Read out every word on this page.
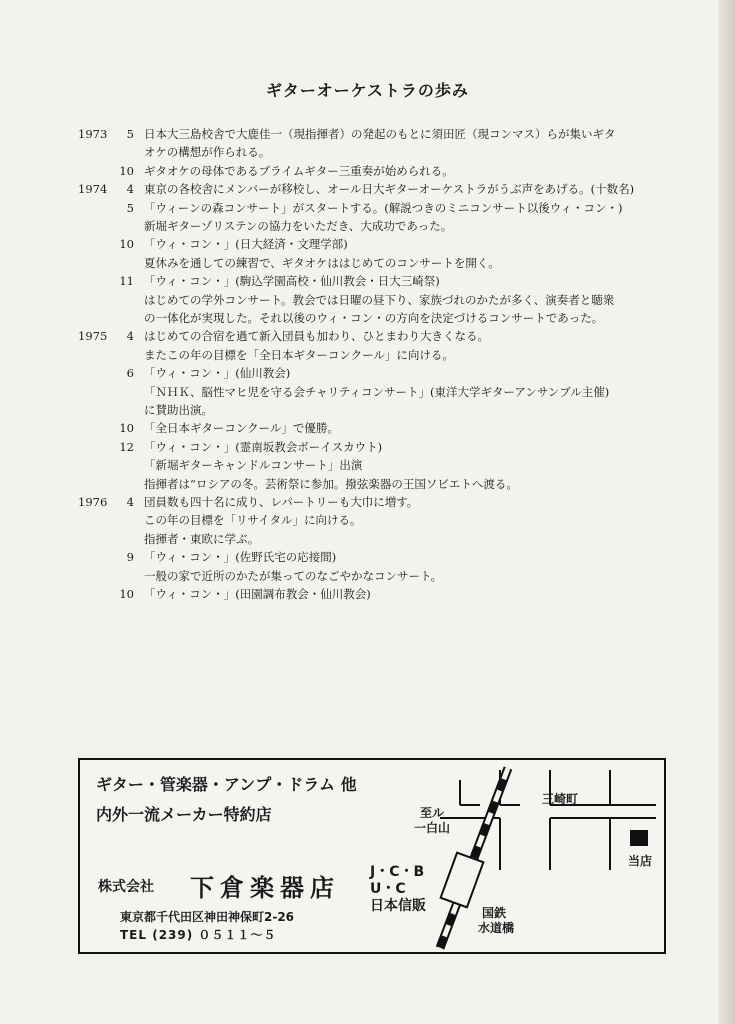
ギターオーケストラの歩み
1973	5 日本大三島校舎で大鹿佳一（現指揮者）の発起のもとに須田匠（現コンマス）らが集いギタ
オケの構想が作られる。
10 ギタオケの母体であるプライムギター三重奏が始められる。
1974	4 東京の各校舎にメンバーが移校し、オール日大ギターオーケストラがうぶ声をあげる。(十数名)
5 「ウィーンの森コンサート」がスタートする。(解説つきのミニコンサート以後ウィ・コン・)
新堀ギターゾリステンの協力をいただき、大成功であった。
10 「ウィ・コン・」(日大経済・文理学部)
夏休みを通しての練習で、ギタオケははじめてのコンサートを開く。
11 「ウィ・コン・」(駒込学園高校・仙川教会・日大三崎祭)
はじめての学外コンサート。教会では日曜の昼下り、家族づれのかたが多く、演奏者と聴衆
の一体化が実現した。それ以後のウィ・コン・の方向を決定づけるコンサートであった。
1975	4 はじめての合宿を過て新入団員も加わり、ひとまわり大きくなる。
またこの年の目標を「全日本ギターコンクール」に向ける。
6 「ウィ・コン・」(仙川教会)
「ＮＨＫ、脳性マヒ児を守る会チャリティコンサート」(東洋大学ギターアンサンブル主催)
に賛助出演。
10 「全日本ギターコンクール」で優勝。
12 「ウィ・コン・」(霊南坂教会ボーイスカウト)
「新堀ギターキャンドルコンサート」出演
指揮者は“ロシアの冬。芸術祭に参加。撥弦楽器の王国ソビエトへ渡る。
1976	4 団員数も四十名に成り、レパートリーも大巾に増す。
この年の目標を「リサイタル」に向ける。
指揮者・東欧に学ぶ。
9 「ウィ・コン・」(佐野氏宅の応接間)
一般の家で近所のかたが集ってのなごやかなコンサート。
10 「ウィ・コン・」(田園調布教会・仙川教会)
ギター・管楽器・アンプ・ドラム 他
内外一流メーカー特約店
株式会社 下倉楽器店
J・C・B
U・C
日本信販
東京都千代田区神田神保町2-26
TEL (239) ０５１１～５
至ル
一白山
三崎町
当店
国鉄
水道橋
